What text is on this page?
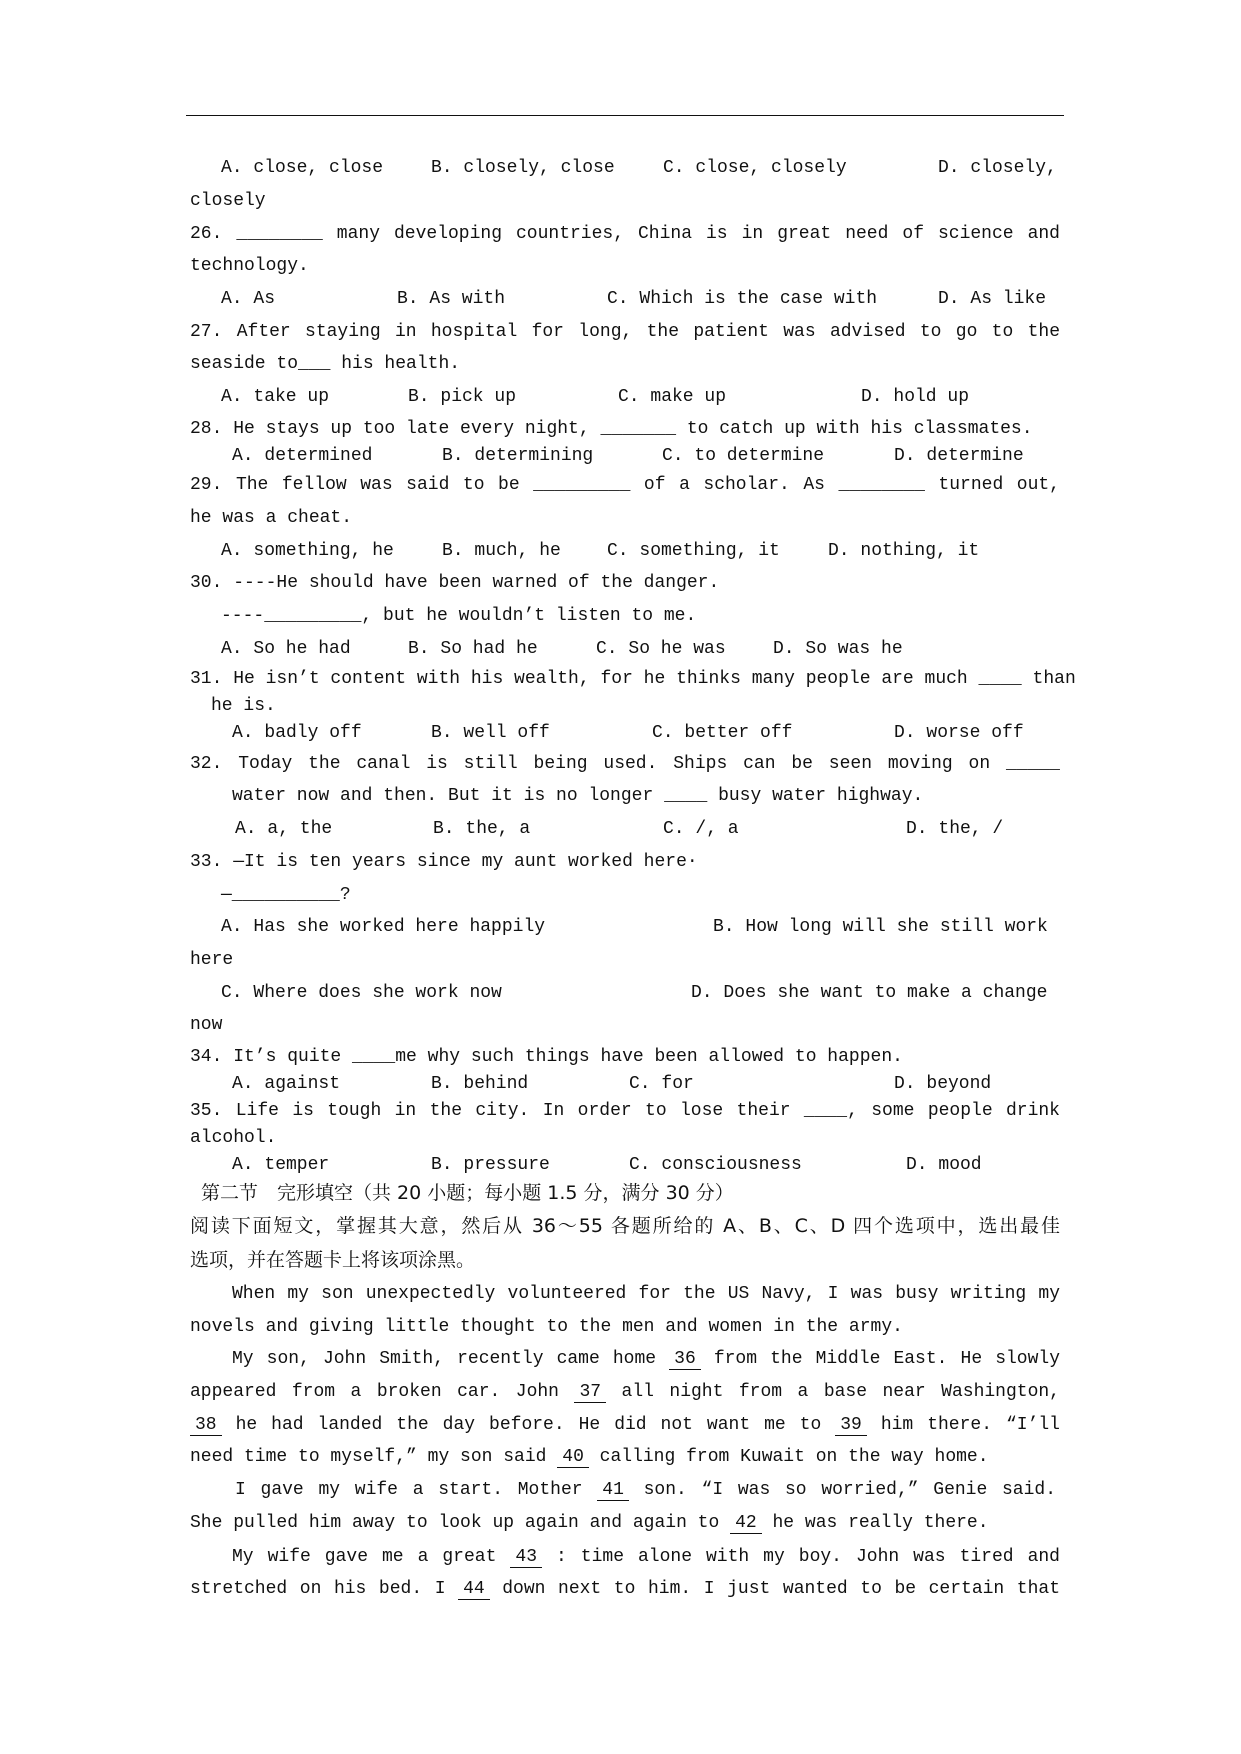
A. close, close	B. closely, close	C. close, closely	D. closely,
closely
26. ________ many developing countries, China is in great need of science and
technology.
A. As	B. As with	C. Which is the case with	D. As like
27. After staying in hospital for long, the patient was advised to go to the
seaside to___ his health.
A. take up	B. pick up	C. make up	D. hold up
28. He stays up too late every night, _______ to catch up with his classmates.
A. determined	B. determining	C. to determine	D. determine
29. The fellow was said to be _________ of a scholar. As ________ turned out,
he was a cheat.
A. something, he	B. much, he	C. something, it	D. nothing, it
30. ----He should have been warned of the danger.
----_________, but he wouldn’t listen to me.
A. So he had	B. So had he	C. So he was	D. So was he
31. He isn’t content with his wealth, for he thinks many people are much ____ than
he is.
A. badly off	B. well off	C. better off	D. worse off
32. Today the canal is still being used. Ships can be seen moving on _____
water now and then. But it is no longer ____ busy water highway.
A. a, the	B. the, a	C. /, a	D. the, /
33. —It is ten years since my aunt worked here·
—__________?
A. Has she worked here happily	B. How long will she still work
here
C. Where does she work now	D. Does she want to make a change
now
34. It’s quite ____me why such things have been allowed to happen.
A. against	B. behind	C. for	D. beyond
35. Life is tough in the city. In order to lose their ____, some people drink
alcohol.
A. temper	B. pressure	C. consciousness	D. mood
第二节　完形填空（共 20 小题；每小题 1.5 分，满分 30 分）
阅读下面短文，掌握其大意，然后从 36～55 各题所给的 A、B、C、D 四个选项中，选出最佳
选项，并在答题卡上将该项涂黑。
When my son unexpectedly volunteered for the US Navy, I was busy writing my
novels and giving little thought to the men and women in the army.
My son, John Smith, recently came home 36 from the Middle East. He slowly
appeared from a broken car. John 37 all night from a base near Washington,
38 he had landed the day before. He did not want me to 39 him there. “I’ll
need time to myself,” my son said 40 calling from Kuwait on the way home.
I gave my wife a start. Mother 41 son. “I was so worried,” Genie said.
She pulled him away to look up again and again to 42 he was really there.
My wife gave me a great 43 : time alone with my boy. John was tired and
stretched on his bed. I 44 down next to him. I just wanted to be certain that
